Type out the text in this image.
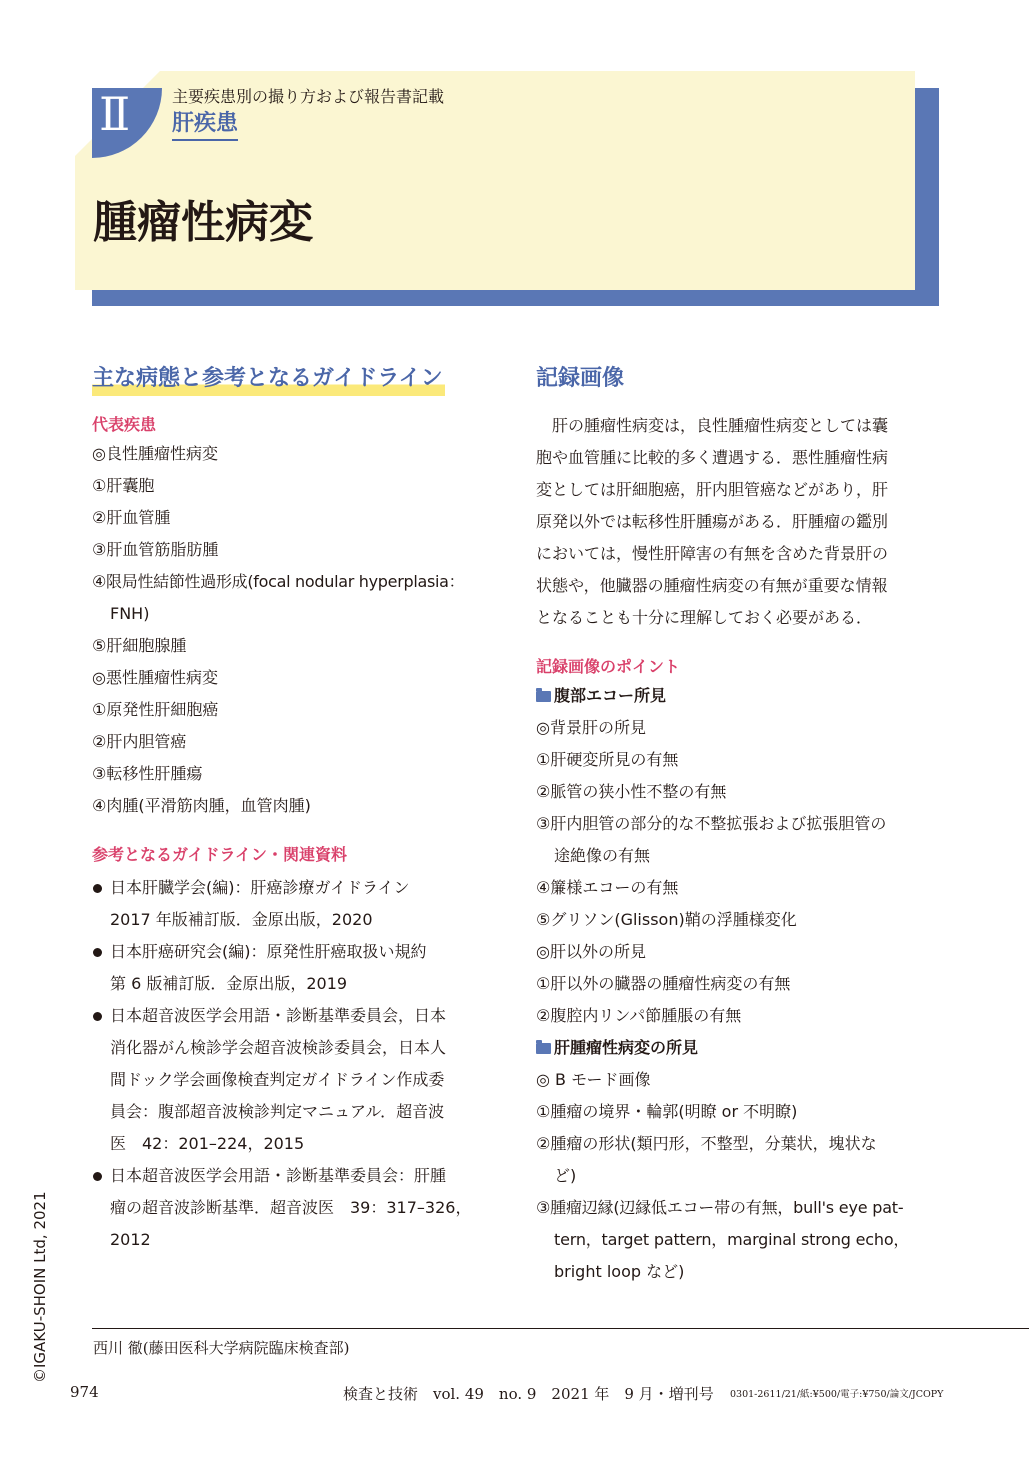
Ⅱ	主要疾患別の撮り方および報告書記載
肝疾患
腫瘤性病変
主な病態と参考となるガイドライン
代表疾患
◎良性腫瘤性病変
①肝囊胞
②肝血管腫
③肝血管筋脂肪腫
④限局性結節性過形成(focal nodular hyperplasia：
FNH)
⑤肝細胞腺腫
◎悪性腫瘤性病変
①原発性肝細胞癌
②肝内胆管癌
③転移性肝腫瘍
④肉腫(平滑筋肉腫，血管肉腫)
参考となるガイドライン・関連資料
日本肝臓学会(編)：肝癌診療ガイドライン
2017 年版補訂版．金原出版，2020
日本肝癌研究会(編)：原発性肝癌取扱い規約
第 6 版補訂版．金原出版，2019
日本超音波医学会用語・診断基準委員会，日本
消化器がん検診学会超音波検診委員会，日本人
間ドック学会画像検査判定ガイドライン作成委
員会：腹部超音波検診判定マニュアル．超音波
医　42：201–224，2015
日本超音波医学会用語・診断基準委員会：肝腫
瘤の超音波診断基準．超音波医　39：317–326，
2012
記録画像
肝の腫瘤性病変は，良性腫瘤性病変としては囊
胞や血管腫に比較的多く遭遇する．悪性腫瘤性病
変としては肝細胞癌，肝内胆管癌などがあり，肝
原発以外では転移性肝腫瘍がある．肝腫瘤の鑑別
においては，慢性肝障害の有無を含めた背景肝の
状態や，他臓器の腫瘤性病変の有無が重要な情報
となることも十分に理解しておく必要がある．
記録画像のポイント
腹部エコー所見
◎背景肝の所見
①肝硬変所見の有無
②脈管の狭小性不整の有無
③肝内胆管の部分的な不整拡張および拡張胆管の
途絶像の有無
④簾様エコーの有無
⑤グリソン(Glisson)鞘の浮腫様変化
◎肝以外の所見
①肝以外の臓器の腫瘤性病変の有無
②腹腔内リンパ節腫脹の有無
肝腫瘤性病変の所見
◎ B モード画像
①腫瘤の境界・輪郭(明瞭 or 不明瞭)
②腫瘤の形状(類円形，不整型，分葉状，塊状な
ど)
③腫瘤辺縁(辺縁低エコー帯の有無，bull's eye pat-
tern，target pattern，marginal strong echo，
bright loop など)
西川 徹(藤田医科大学病院臨床検査部)
974	検査と技術　vol. 49　no. 9　2021 年　9 月・増刊号 0301-2611/21/紙:¥500/電子:¥750/論文/JCOPY
©IGAKU-SHOIN Ltd, 2021
